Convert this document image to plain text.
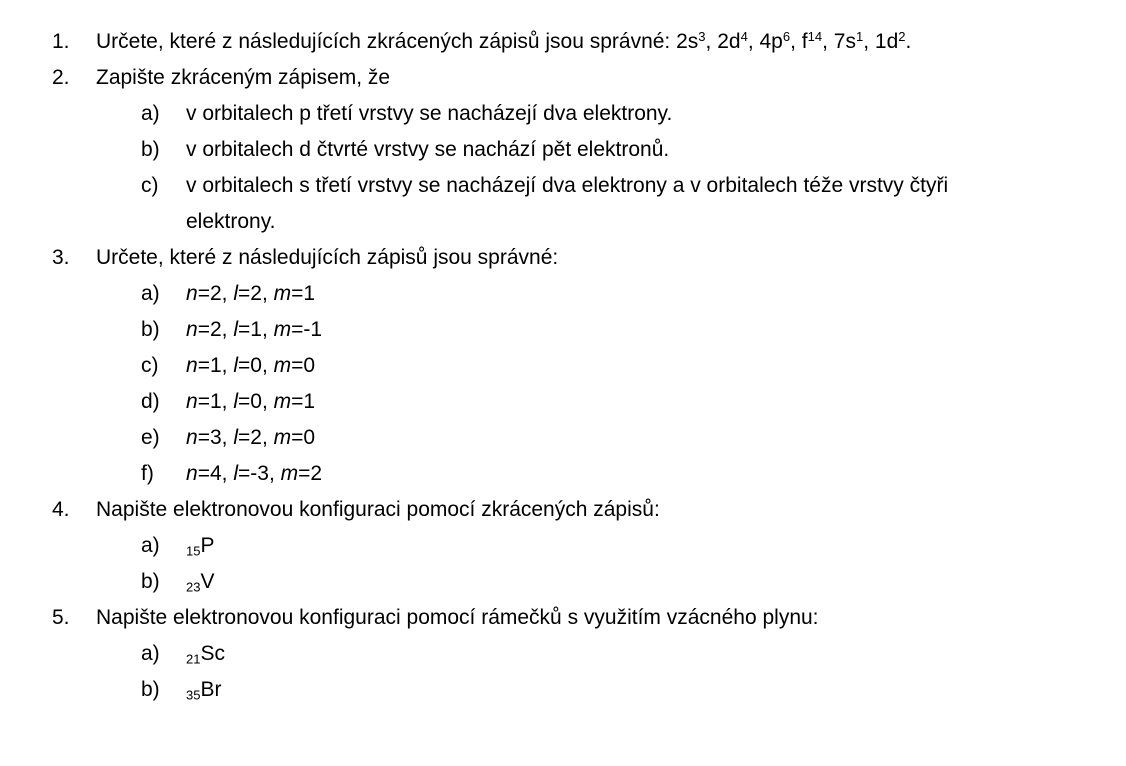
1.	Určete, které z následujících zkrácených zápisů jsou správné: $2s^3$, $2d^4$, $4p^6$, $f^{14}$, $7s^1$, $1d^2$.
2.	Zapište zkráceným zápisem, že
a)	v orbitalech p třetí vrstvy se nacházejí dva elektrony.
b)	v orbitalech d čtvrté vrstvy se nachází pět elektronů.
c)	v orbitalech s třetí vrstvy se nacházejí dva elektrony a v orbitalech téže vrstvy čtyři
elektrony.
3.	Určete, které z následujících zápisů jsou správné:
a)	n=2, l=2, m=1
b)	n=2, l=1, m=-1
c)	n=1, l=0, m=0
d)	n=1, l=0, m=1
e)	n=3, l=2, m=0
f)	n=4, l=-3, m=2
4.	Napište elektronovou konfiguraci pomocí zkrácených zápisů:
a)	$_{15}$P
b)	$_{23}$V
5.	Napište elektronovou konfiguraci pomocí rámečků s využitím vzácného plynu:
a)	$_{21}$Sc
b)	$_{35}$Br
